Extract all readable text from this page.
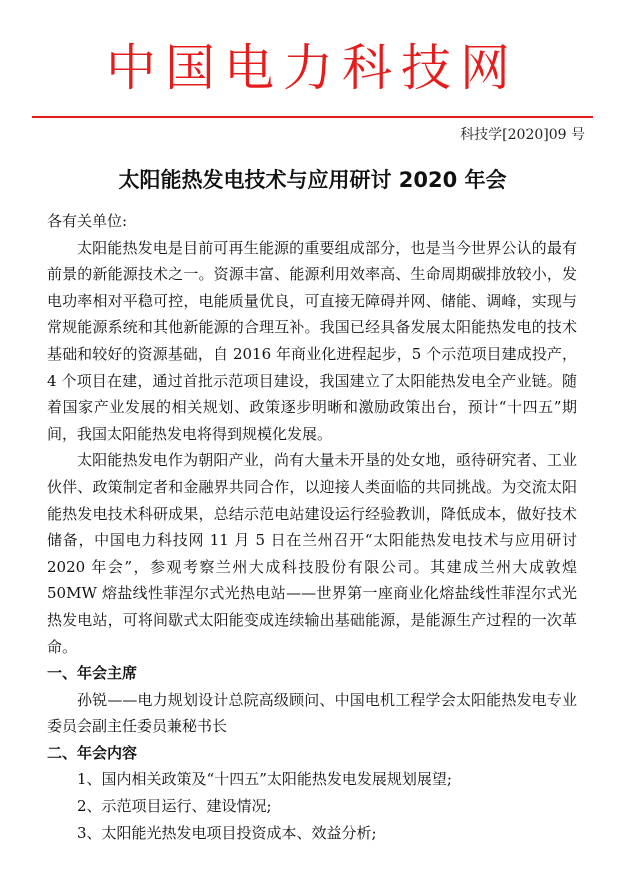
中国电力科技网
科技学[2020]09 号
太阳能热发电技术与应用研讨 2020 年会

各有关单位:

太阳能热发电是目前可再生能源的重要组成部分，也是当今世界公认的最有前景的新能源技术之一。资源丰富、能源利用效率高、生命周期碳排放较小，发电功率相对平稳可控，电能质量优良，可直接无障碍并网、储能、调峰，实现与常规能源系统和其他新能源的合理互补。我国已经具备发展太阳能热发电的技术基础和较好的资源基础，自 2016 年商业化进程起步，5 个示范项目建成投产，4 个项目在建，通过首批示范项目建设，我国建立了太阳能热发电全产业链。随着国家产业发展的相关规划、政策逐步明晰和激励政策出台，预计“十四五”期间，我国太阳能热发电将得到规模化发展。

太阳能热发电作为朝阳产业，尚有大量未开垦的处女地，亟待研究者、工业伙伴、政策制定者和金融界共同合作，以迎接人类面临的共同挑战。为交流太阳能热发电技术科研成果，总结示范电站建设运行经验教训，降低成本，做好技术储备，中国电力科技网 11 月 5 日在兰州召开“太阳能热发电技术与应用研讨 2020 年会”，参观考察兰州大成科技股份有限公司。其建成兰州大成敦煌 50MW 熔盐线性菲涅尔式光热电站——世界第一座商业化熔盐线性菲涅尔式光热发电站，可将间歇式太阳能变成连续输出基础能源，是能源生产过程的一次革命。

一、年会主席

孙锐——电力规划设计总院高级顾问、中国电机工程学会太阳能热发电专业委员会副主任委员兼秘书长

二、年会内容

1、国内相关政策及“十四五”太阳能热发电发展规划展望;

2、示范项目运行、建设情况;

3、太阳能光热发电项目投资成本、效益分析;
